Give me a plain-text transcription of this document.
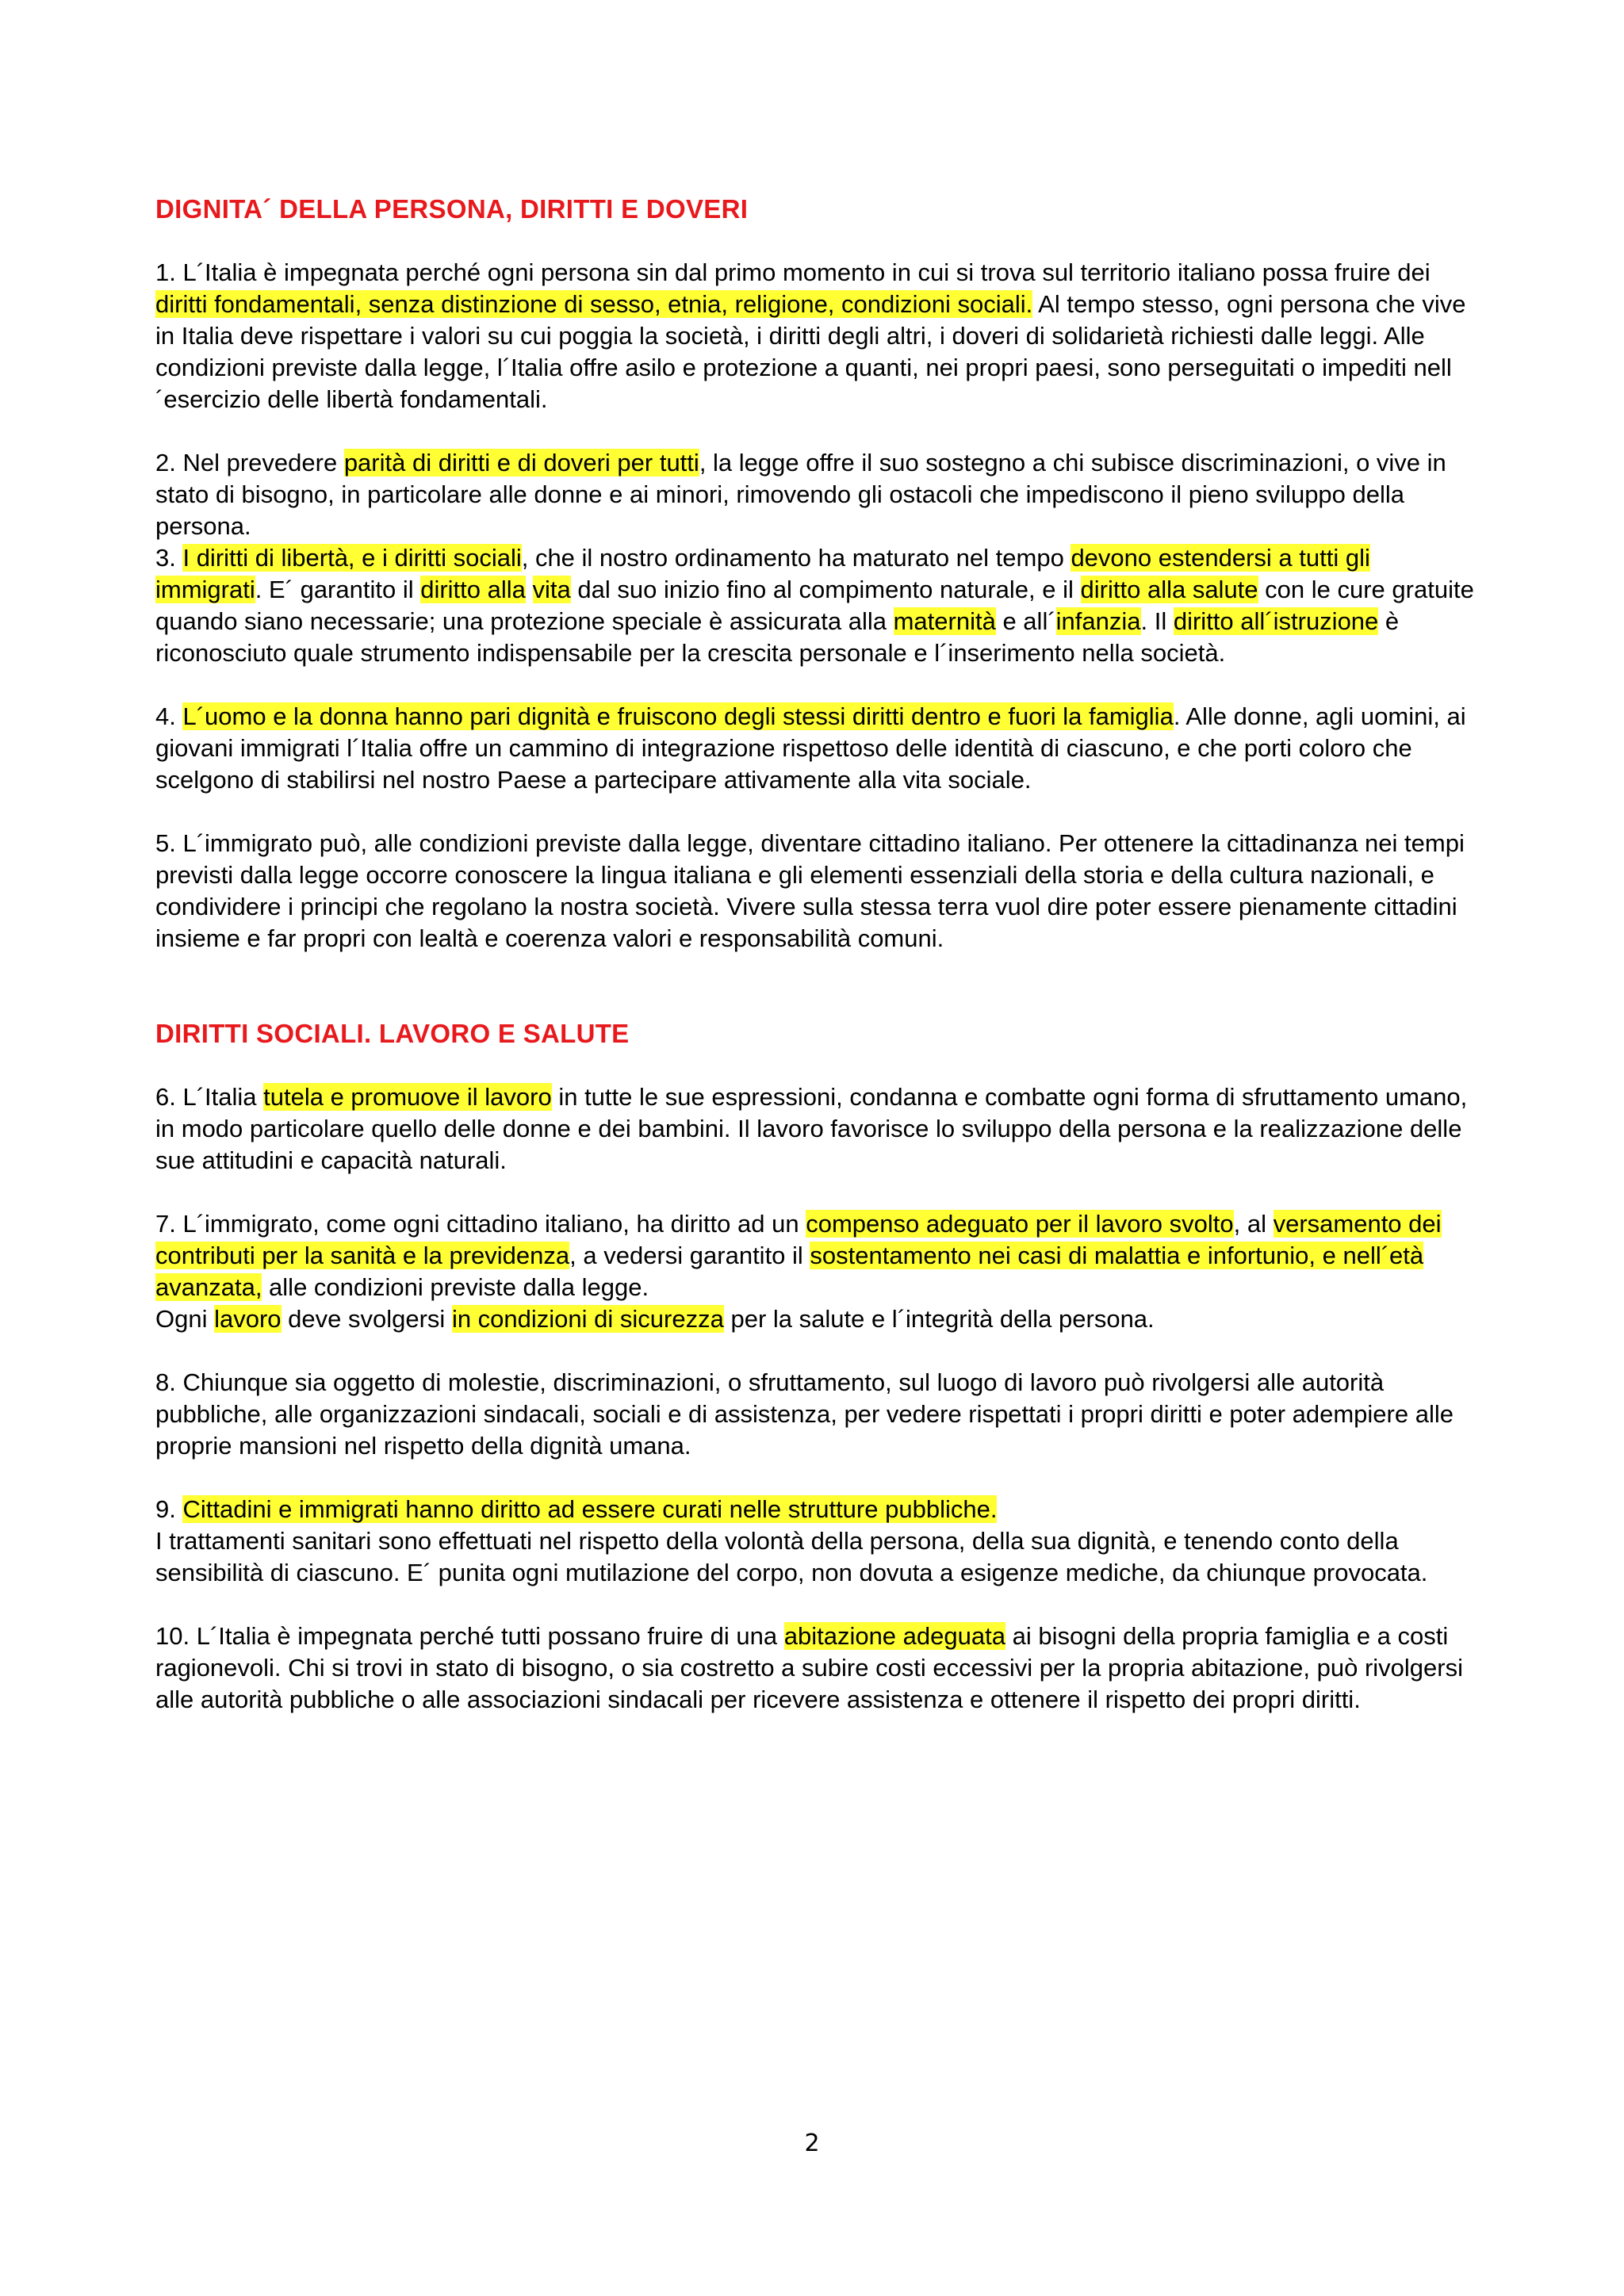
DIGNITA´ DELLA PERSONA, DIRITTI E DOVERI

1. L´Italia è impegnata perché ogni persona sin dal primo momento in cui si trova sul territorio italiano possa fruire dei diritti fondamentali, senza distinzione di sesso, etnia, religione, condizioni sociali. Al tempo stesso, ogni persona che vive in Italia deve rispettare i valori su cui poggia la società, i diritti degli altri, i doveri di solidarietà richiesti dalle leggi. Alle condizioni previste dalla legge, l´Italia offre asilo e protezione a quanti, nei propri paesi, sono perseguitati o impediti nell´esercizio delle libertà fondamentali.

2. Nel prevedere parità di diritti e di doveri per tutti, la legge offre il suo sostegno a chi subisce discriminazioni, o vive in stato di bisogno, in particolare alle donne e ai minori, rimovendo gli ostacoli che impediscono il pieno sviluppo della persona.

3. I diritti di libertà, e i diritti sociali, che il nostro ordinamento ha maturato nel tempo devono estendersi a tutti gli immigrati. E´ garantito il diritto alla vita dal suo inizio fino al compimento naturale, e il diritto alla salute con le cure gratuite quando siano necessarie; una protezione speciale è assicurata alla maternità e all´infanzia. Il diritto all´istruzione è riconosciuto quale strumento indispensabile per la crescita personale e l´inserimento nella società.

4. L´uomo e la donna hanno pari dignità e fruiscono degli stessi diritti dentro e fuori la famiglia. Alle donne, agli uomini, ai giovani immigrati l´Italia offre un cammino di integrazione rispettoso delle identità di ciascuno, e che porti coloro che scelgono di stabilirsi nel nostro Paese a partecipare attivamente alla vita sociale.

5. L´immigrato può, alle condizioni previste dalla legge, diventare cittadino italiano. Per ottenere la cittadinanza nei tempi previsti dalla legge occorre conoscere la lingua italiana e gli elementi essenziali della storia e della cultura nazionali, e condividere i principi che regolano la nostra società. Vivere sulla stessa terra vuol dire poter essere pienamente cittadini insieme e far propri con lealtà e coerenza valori e responsabilità comuni.

DIRITTI SOCIALI. LAVORO E SALUTE

6. L´Italia tutela e promuove il lavoro in tutte le sue espressioni, condanna e combatte ogni forma di sfruttamento umano, in modo particolare quello delle donne e dei bambini. Il lavoro favorisce lo sviluppo della persona e la realizzazione delle sue attitudini e capacità naturali.

7. L´immigrato, come ogni cittadino italiano, ha diritto ad un compenso adeguato per il lavoro svolto, al versamento dei contributi per la sanità e la previdenza, a vedersi garantito il sostentamento nei casi di malattia e infortunio, e nell´età avanzata, alle condizioni previste dalla legge.

Ogni lavoro deve svolgersi in condizioni di sicurezza per la salute e l´integrità della persona.

8. Chiunque sia oggetto di molestie, discriminazioni, o sfruttamento, sul luogo di lavoro può rivolgersi alle autorità pubbliche, alle organizzazioni sindacali, sociali e di assistenza, per vedere rispettati i propri diritti e poter adempiere alle proprie mansioni nel rispetto della dignità umana.

9. Cittadini e immigrati hanno diritto ad essere curati nelle strutture pubbliche.

I trattamenti sanitari sono effettuati nel rispetto della volontà della persona, della sua dignità, e tenendo conto della sensibilità di ciascuno. E´ punita ogni mutilazione del corpo, non dovuta a esigenze mediche, da chiunque provocata.

10. L´Italia è impegnata perché tutti possano fruire di una abitazione adeguata ai bisogni della propria famiglia e a costi ragionevoli. Chi si trovi in stato di bisogno, o sia costretto a subire costi eccessivi per la propria abitazione, può rivolgersi alle autorità pubbliche o alle associazioni sindacali per ricevere assistenza e ottenere il rispetto dei propri diritti.

2
